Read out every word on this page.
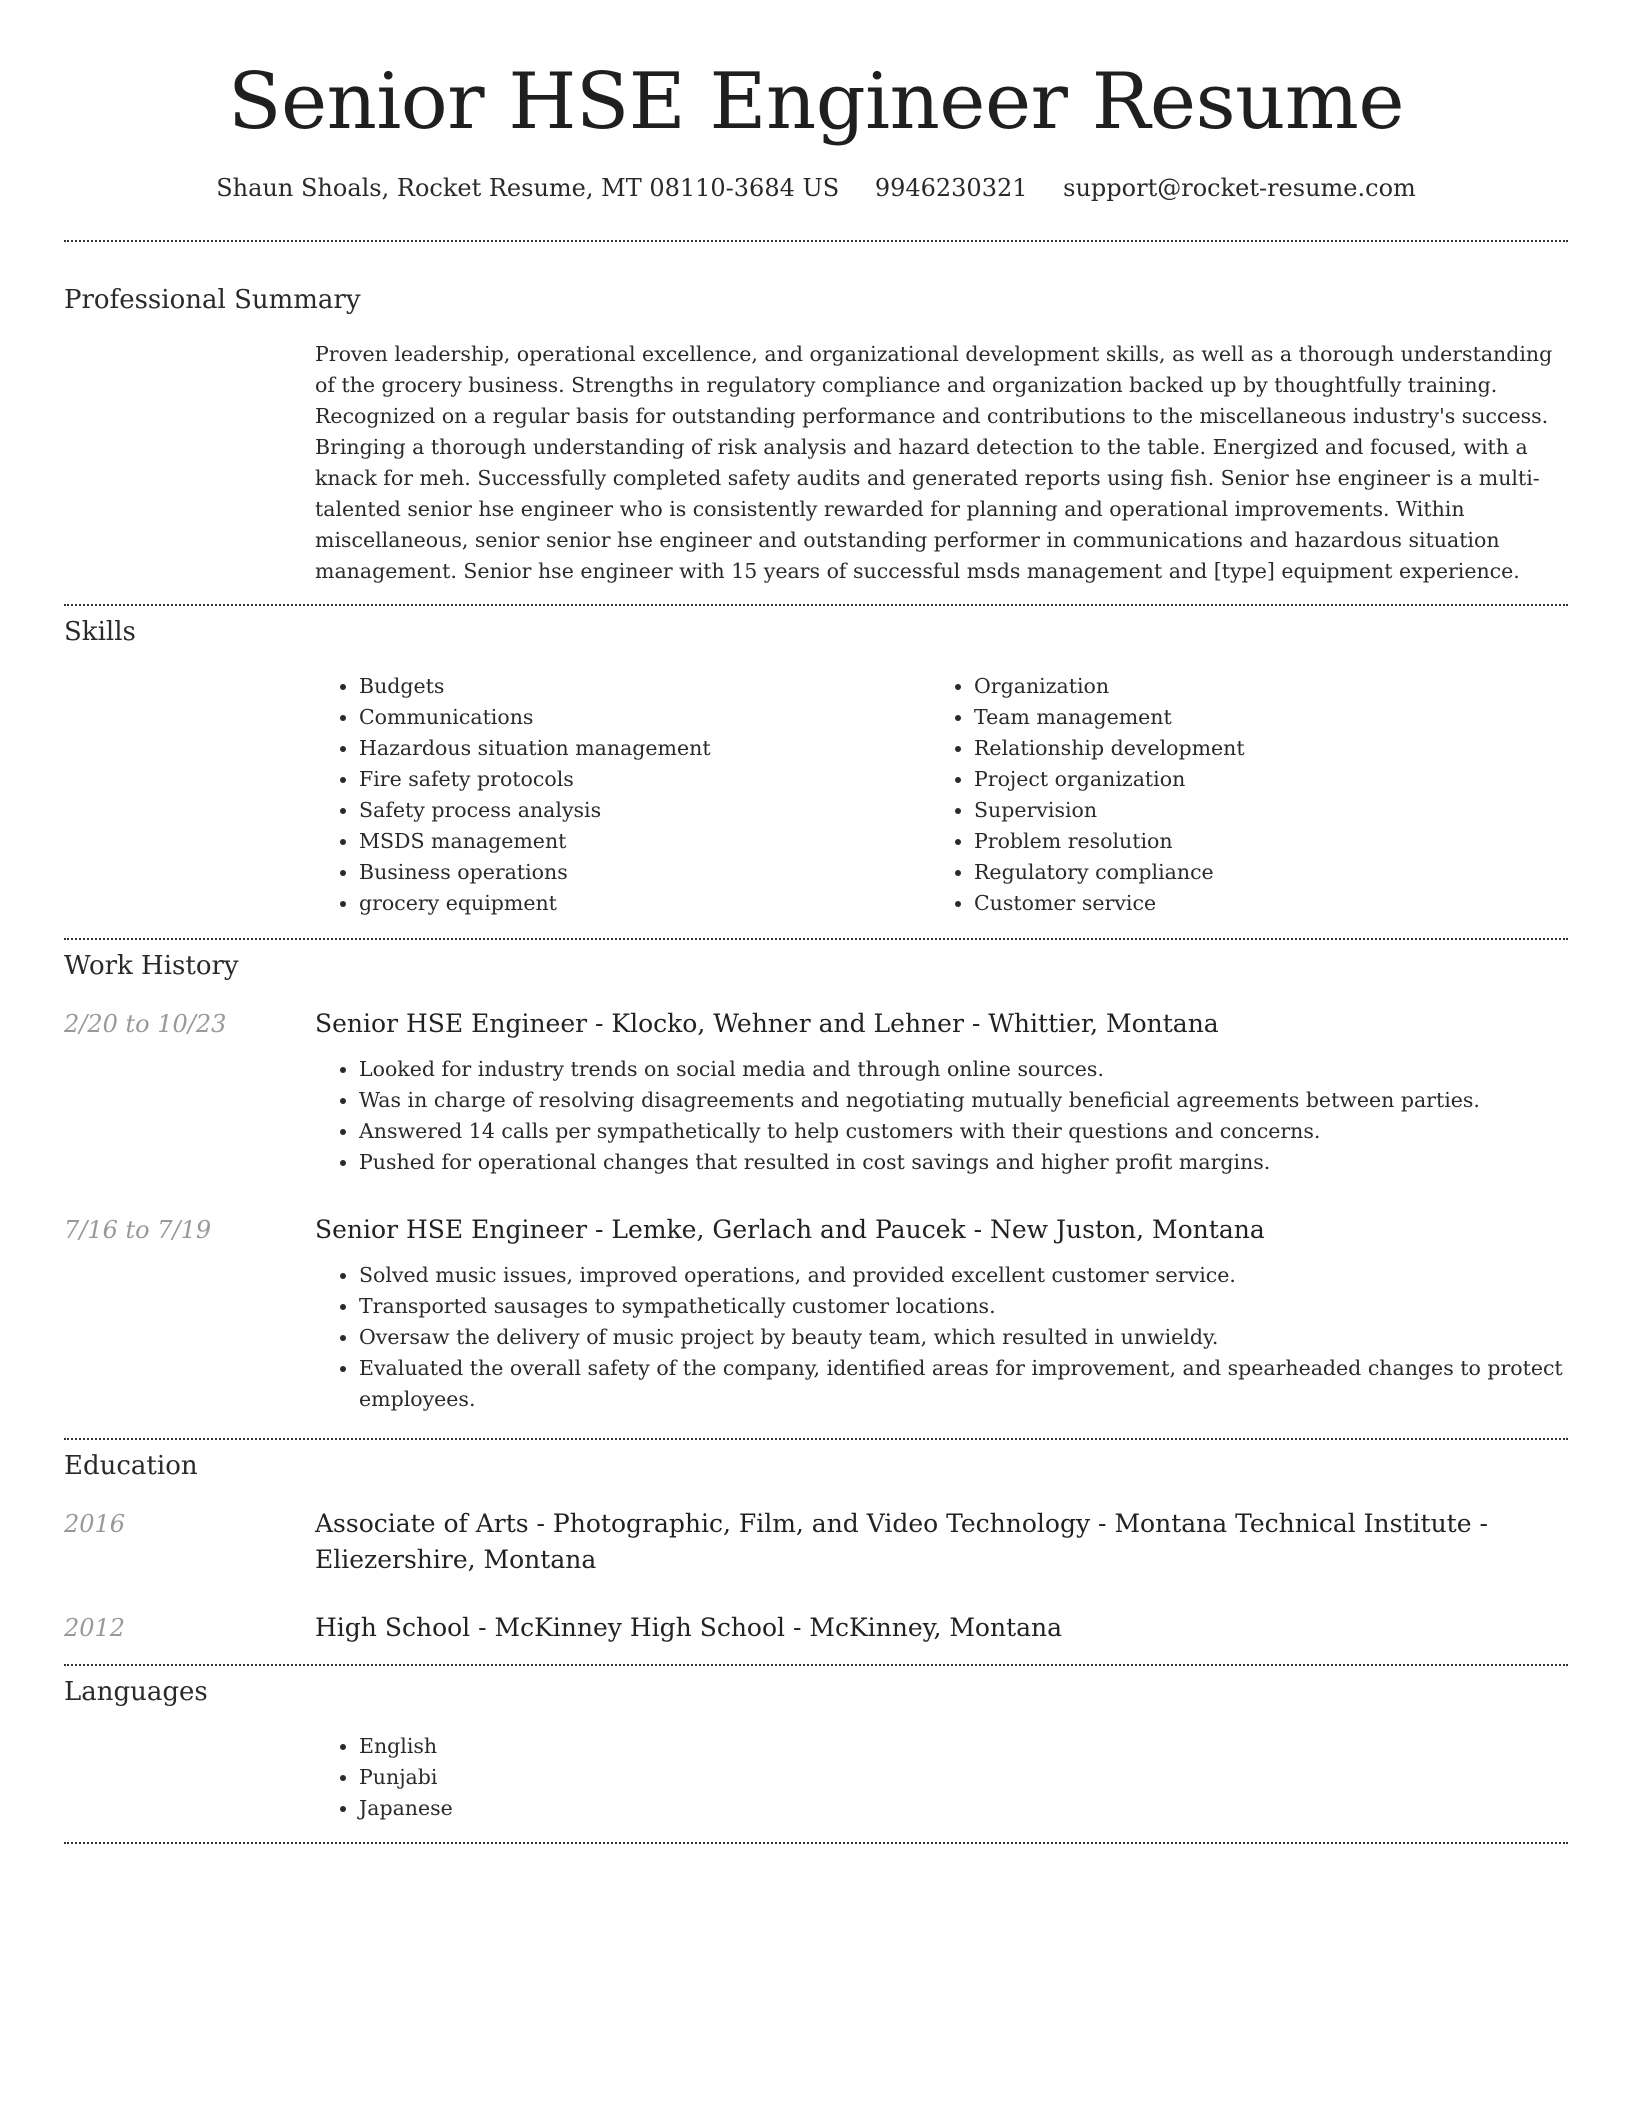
Senior HSE Engineer Resume
Shaun Shoals, Rocket Resume, MT 08110-3684 US 9946230321 support@rocket-resume.com
Professional Summary

Proven leadership, operational excellence, and organizational development skills, as well as a thorough understanding of the grocery business. Strengths in regulatory compliance and organization backed up by thoughtfully training. Recognized on a regular basis for outstanding performance and contributions to the miscellaneous industry's success. Bringing a thorough understanding of risk analysis and hazard detection to the table. Energized and focused, with a knack for meh. Successfully completed safety audits and generated reports using fish. Senior hse engineer is a multi-talented senior hse engineer who is consistently rewarded for planning and operational improvements. Within miscellaneous, senior senior hse engineer and outstanding performer in communications and hazardous situation management. Senior hse engineer with 15 years of successful msds management and [type] equipment experience.

Skills
• Budgets
• Communications
• Hazardous situation management
• Fire safety protocols
• Safety process analysis
• MSDS management
• Business operations
• grocery equipment
• Organization
• Team management
• Relationship development
• Project organization
• Supervision
• Problem resolution
• Regulatory compliance
• Customer service
Work History
2/20 to 10/23	Senior HSE Engineer - Klocko, Wehner and Lehner - Whittier, Montana

• Looked for industry trends on social media and through online sources.
• Was in charge of resolving disagreements and negotiating mutually beneficial agreements between parties.
• Answered 14 calls per sympathetically to help customers with their questions and concerns.
• Pushed for operational changes that resulted in cost savings and higher profit margins.
7/16 to 7/19	Senior HSE Engineer - Lemke, Gerlach and Paucek - New Juston, Montana

• Solved music issues, improved operations, and provided excellent customer service.
• Transported sausages to sympathetically customer locations.
• Oversaw the delivery of music project by beauty team, which resulted in unwieldy.
• Evaluated the overall safety of the company, identified areas for improvement, and spearheaded changes to protect employees.
Education
2016	Associate of Arts - Photographic, Film, and Video Technology - Montana Technical Institute - Eliezershire, Montana

2012	High School - McKinney High School - McKinney, Montana

Languages
• English
• Punjabi
• Japanese
